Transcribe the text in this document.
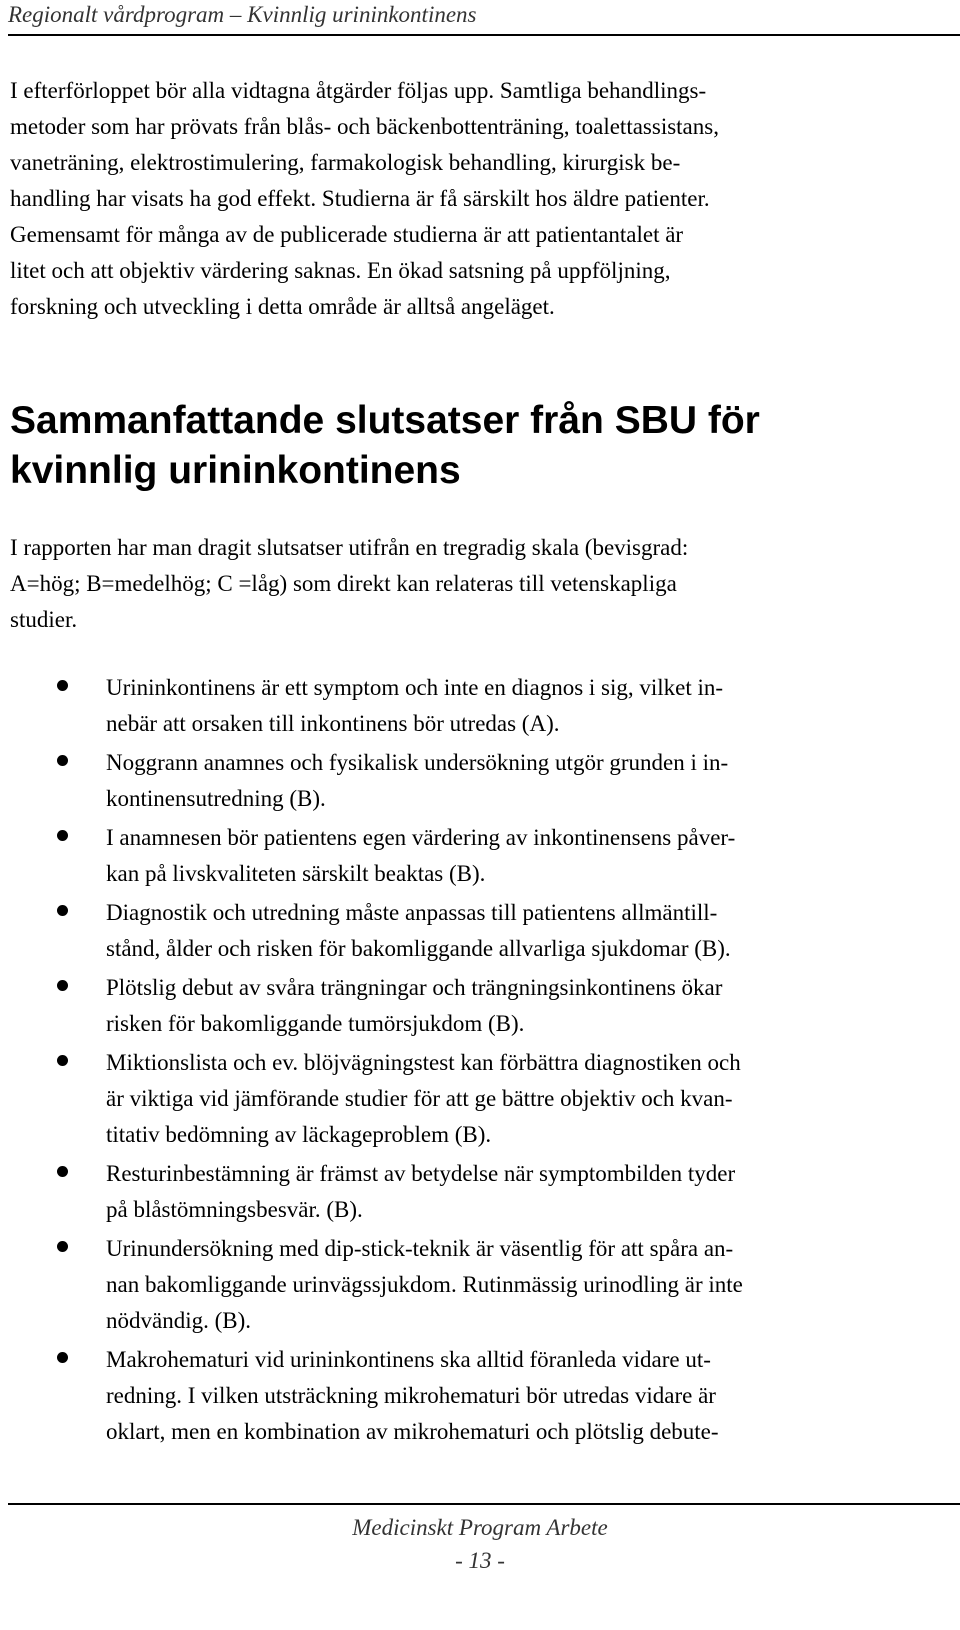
Regionalt vårdprogram – Kvinnlig urininkontinens
I efterförloppet bör alla vidtagna åtgärder följas upp. Samtliga behandlings-
metoder som har prövats från blås- och bäckenbottenträning, toalettassistans,
vaneträning, elektrostimulering, farmakologisk behandling, kirurgisk be-
handling har visats ha god effekt. Studierna är få särskilt hos äldre patienter.
Gemensamt för många av de publicerade studierna är att patientantalet är
litet och att objektiv värdering saknas. En ökad satsning på uppföljning,
forskning och utveckling i detta område är alltså angeläget.
Sammanfattande slutsatser från SBU för
kvinnlig urininkontinens
I rapporten har man dragit slutsatser utifrån en tregradig skala (bevisgrad:
A=hög; B=medelhög; C =låg) som direkt kan relateras till vetenskapliga
studier.
Urininkontinens är ett symptom och inte en diagnos i sig, vilket in-
nebär att orsaken till inkontinens bör utredas (A).
Noggrann anamnes och fysikalisk undersökning utgör grunden i in-
kontinensutredning (B).
I anamnesen bör patientens egen värdering av inkontinensens påver-
kan på livskvaliteten särskilt beaktas (B).
Diagnostik och utredning måste anpassas till patientens allmäntill-
stånd, ålder och risken för bakomliggande allvarliga sjukdomar (B).
Plötslig debut av svåra trängningar och trängningsinkontinens ökar
risken för bakomliggande tumörsjukdom (B).
Miktionslista och ev. blöjvägningstest kan förbättra diagnostiken och
är viktiga vid jämförande studier för att ge bättre objektiv och kvan-
titativ bedömning av läckageproblem (B).
Resturinbestämning är främst av betydelse när symptombilden tyder
på blåstömningsbesvär. (B).
Urinundersökning med dip-stick-teknik är väsentlig för att spåra an-
nan bakomliggande urinvägssjukdom. Rutinmässig urinodling är inte
nödvändig. (B).
Makrohematuri vid urininkontinens ska alltid föranleda vidare ut-
redning. I vilken utsträckning mikrohematuri bör utredas vidare är
oklart, men en kombination av mikrohematuri och plötslig debute-
Medicinskt Program Arbete
- 13 -
